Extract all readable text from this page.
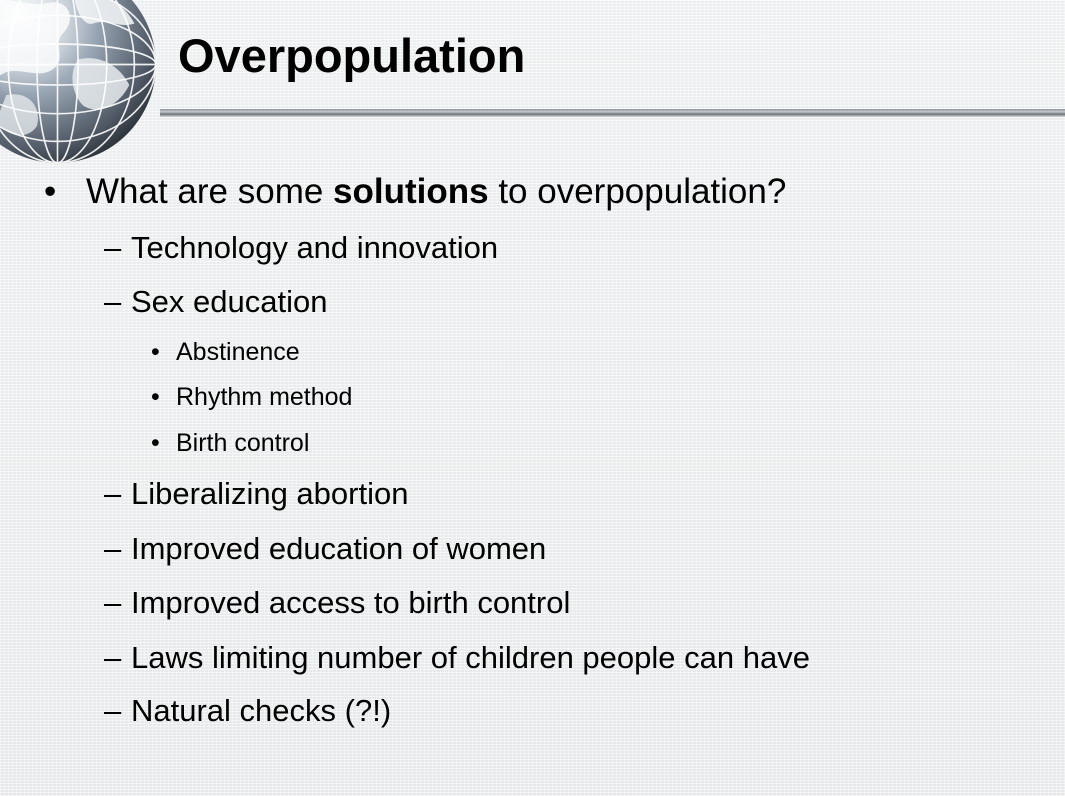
Overpopulation
• What are some solutions to overpopulation?
– Technology and innovation
– Sex education
• Abstinence
• Rhythm method
• Birth control
– Liberalizing abortion
– Improved education of women
– Improved access to birth control
– Laws limiting number of children people can have
– Natural checks (?!)
